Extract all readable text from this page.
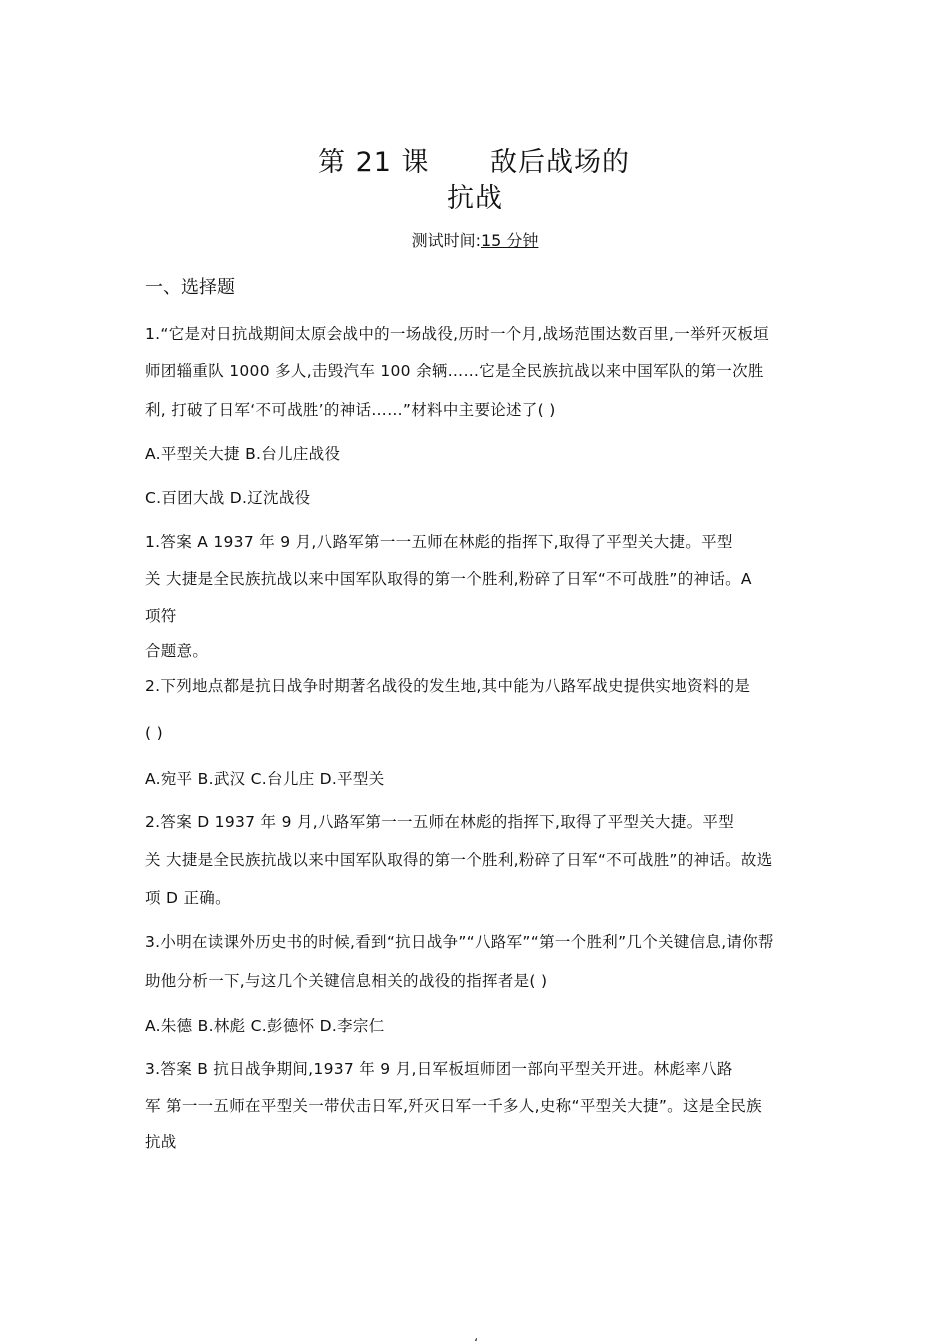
第 21 课 敌后战场的
抗战
测试时间:15 分钟
一、选择题
1.“它是对日抗战期间太原会战中的一场战役,历时一个月,战场范围达数百里,一举歼灭板垣
师团辎重队 1000 多人,击毁汽车 100 余辆……它是全民族抗战以来中国军队的第一次胜
利, 打破了日军‘不可战胜’的神话……”材料中主要论述了( )
A.平型关大捷 B.台儿庄战役
C.百团大战 D.辽沈战役
1.答案 A 1937 年 9 月,八路军第一一五师在林彪的指挥下,取得了平型关大捷。平型
关 大捷是全民族抗战以来中国军队取得的第一个胜利,粉碎了日军“不可战胜”的神话。A
项符
合题意。
2.下列地点都是抗日战争时期著名战役的发生地,其中能为八路军战史提供实地资料的是
( )
A.宛平 B.武汉 C.台儿庄 D.平型关
2.答案 D 1937 年 9 月,八路军第一一五师在林彪的指挥下,取得了平型关大捷。平型
关 大捷是全民族抗战以来中国军队取得的第一个胜利,粉碎了日军“不可战胜”的神话。故选
项 D 正确。
3.小明在读课外历史书的时候,看到“抗日战争”“八路军”“第一个胜利”几个关键信息,请你帮
助他分析一下,与这几个关键信息相关的战役的指挥者是( )
A.朱德 B.林彪 C.彭德怀 D.李宗仁
3.答案 B 抗日战争期间,1937 年 9 月,日军板垣师团一部向平型关开进。林彪率八路
军 第一一五师在平型关一带伏击日军,歼灭日军一千多人,史称“平型关大捷”。这是全民族
抗战
،
